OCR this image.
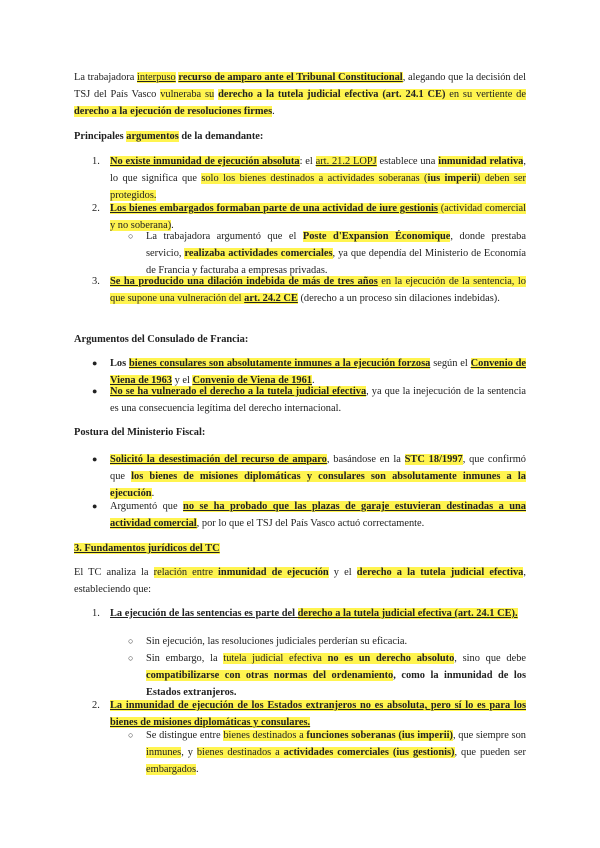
La trabajadora interpuso recurso de amparo ante el Tribunal Constitucional, alegando que la decisión del TSJ del País Vasco vulneraba su derecho a la tutela judicial efectiva (art. 24.1 CE) en su vertiente de derecho a la ejecución de resoluciones firmes.

Principales argumentos de la demandante:

1. No existe inmunidad de ejecución absoluta: el art. 21.2 LOPJ establece una inmunidad relativa, lo que significa que solo los bienes destinados a actividades soberanas (ius imperii) deben ser protegidos.

2. Los bienes embargados formaban parte de una actividad de iure gestionis (actividad comercial y no soberana).

○ La trabajadora argumentó que el Poste d'Expansion Économique, donde prestaba servicio, realizaba actividades comerciales, ya que dependía del Ministerio de Economía de Francia y facturaba a empresas privadas.

3. Se ha producido una dilación indebida de más de tres años en la ejecución de la sentencia, lo que supone una vulneración del art. 24.2 CE (derecho a un proceso sin dilaciones indebidas).

Argumentos del Consulado de Francia:

● Los bienes consulares son absolutamente inmunes a la ejecución forzosa según el Convenio de Viena de 1963 y el Convenio de Viena de 1961.

● No se ha vulnerado el derecho a la tutela judicial efectiva, ya que la inejecución de la sentencia es una consecuencia legítima del derecho internacional.

Postura del Ministerio Fiscal:

● Solicitó la desestimación del recurso de amparo, basándose en la STC 18/1997, que confirmó que los bienes de misiones diplomáticas y consulares son absolutamente inmunes a la ejecución.

● Argumentó que no se ha probado que las plazas de garaje estuvieran destinadas a una actividad comercial, por lo que el TSJ del País Vasco actuó correctamente.

3. Fundamentos jurídicos del TC

El TC analiza la relación entre inmunidad de ejecución y el derecho a la tutela judicial efectiva, estableciendo que:

1. La ejecución de las sentencias es parte del derecho a la tutela judicial efectiva (art. 24.1 CE).

○ Sin ejecución, las resoluciones judiciales perderían su eficacia.

○ Sin embargo, la tutela judicial efectiva no es un derecho absoluto, sino que debe compatibilizarse con otras normas del ordenamiento, como la inmunidad de los Estados extranjeros.

2. La inmunidad de ejecución de los Estados extranjeros no es absoluta, pero sí lo es para los bienes de misiones diplomáticas y consulares.

○ Se distingue entre bienes destinados a funciones soberanas (ius imperii), que siempre son inmunes, y bienes destinados a actividades comerciales (ius gestionis), que pueden ser embargados.
